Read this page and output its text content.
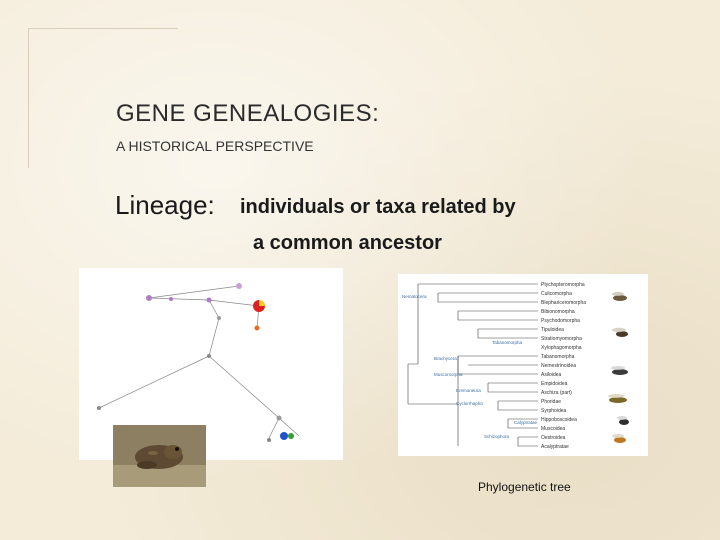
GENE GENEALOGIES:
A HISTORICAL PERSPECTIVE
Lineage: individuals or taxa related by
a common ancestor
Ptychopteromorpha
Culicomorpha
Blephariceromorpha
Bibionomorpha
Psychodomorpha
Tipuloidea
Stratiomyomorpha
Xylophagomorpha
Tabanomorpha
Nemestrinoidea
Asiloidea
Empidoidea
Aschiza (part)
Phoridae
Syrphoidea
Hippoboscoidea
Muscoidea
Oestroidea
Acalyptratae
Nematocera
Tabanomorpha
Brachycera
Muscomorpha
Eremoneura
Cyclorrhapha
Calyptratae
Schizophora
Phylogenetic tree
